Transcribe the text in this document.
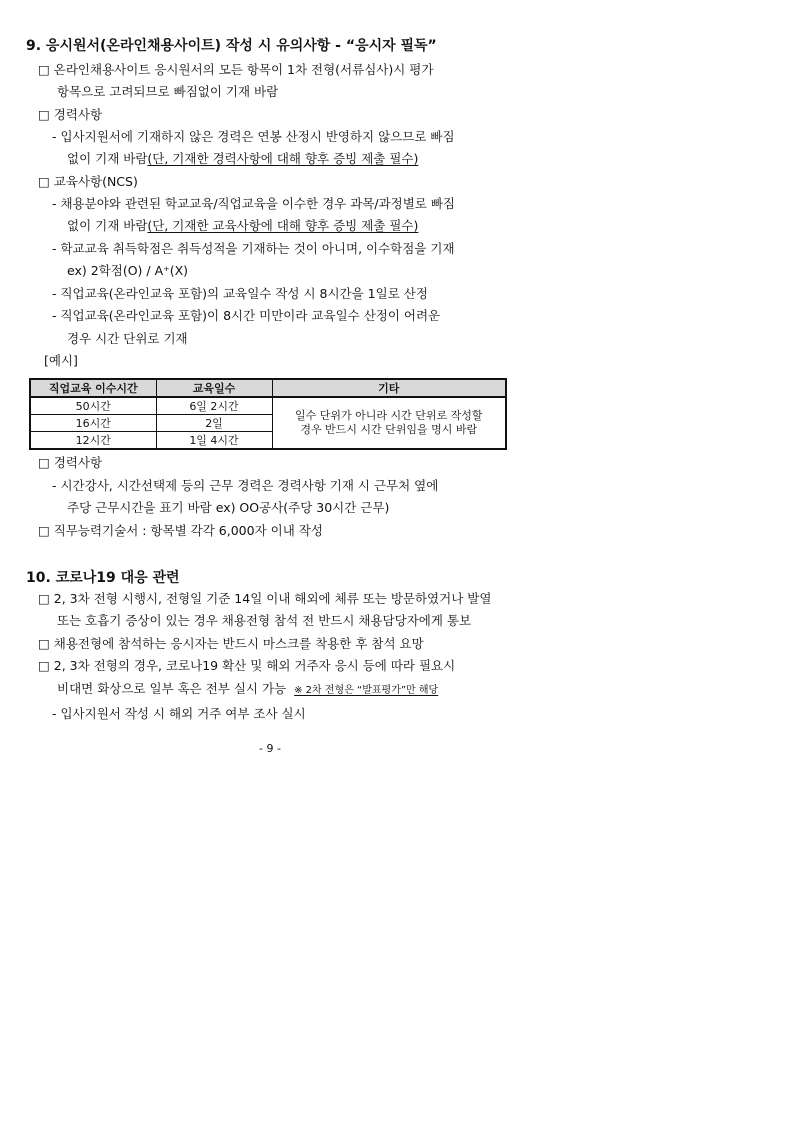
9. 응시원서(온라인채용사이트) 작성 시 유의사항 - “응시자 필독”
□ 온라인채용사이트 응시원서의 모든 항목이 1차 전형(서류심사)시 평가
항목으로 고려되므로 빠짐없이 기재 바람
□ 경력사항
- 입사지원서에 기재하지 않은 경력은 연봉 산정시 반영하지 않으므로 빠짐
없이 기재 바람(단, 기재한 경력사항에 대해 향후 증빙 제출 필수)
□ 교육사항(NCS)
- 채용분야와 관련된 학교교육/직업교육을 이수한 경우 과목/과정별로 빠짐
없이 기재 바람(단, 기재한 교육사항에 대해 향후 증빙 제출 필수)
- 학교교육 취득학점은 취득성적을 기재하는 것이 아니며, 이수학점을 기재
ex) 2학점(O) / A⁺(X)
- 직업교육(온라인교육 포함)의 교육일수 작성 시 8시간을 1일로 산정
- 직업교육(온라인교육 포함)이 8시간 미만이라 교육일수 산정이 어려운
경우 시간 단위로 기재
[예시]
직업교육 이수시간	교육일수	기타
50시간	6일 2시간	일수 단위가 아니라 시간 단위로 작성할
경우 반드시 시간 단위임을 명시 바람

16시간	2일	
12시간	1일 4시간	
□ 경력사항
- 시간강사, 시간선택제 등의 근무 경력은 경력사항 기재 시 근무처 옆에
주당 근무시간을 표기 바람 ex) OO공사(주당 30시간 근무)
□ 직무능력기술서 : 항목별 각각 6,000자 이내 작성
10. 코로나19 대응 관련
□ 2, 3차 전형 시행시, 전형일 기준 14일 이내 해외에 체류 또는 방문하였거나 발열
또는 호흡기 증상이 있는 경우 채용전형 참석 전 반드시 채용담당자에게 통보
□ 채용전형에 참석하는 응시자는 반드시 마스크를 착용한 후 참석 요망
□ 2, 3차 전형의 경우, 코로나19 확산 및 해외 거주자 응시 등에 따라 필요시
비대면 화상으로 일부 혹은 전부 실시 가능 ※ 2차 전형은 “발표평가”만 해당
- 입사지원서 작성 시 해외 거주 여부 조사 실시
- 9 -
